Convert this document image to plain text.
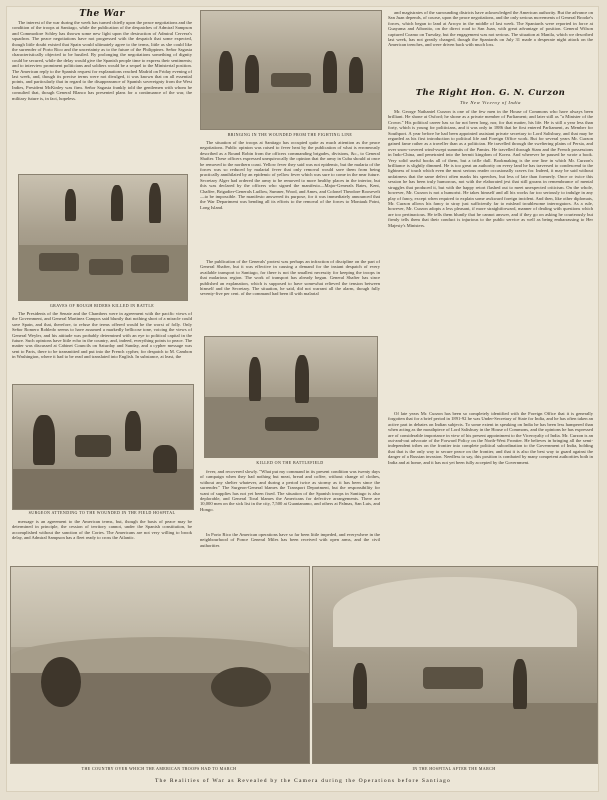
The War

The interest of the war during the week has turned chiefly upon the peace negotiations and the condition of the troops at Santiago, while the publication of the despatches of Admiral Sampson and Commodore Schley has thrown some new light upon the destruction of Admiral Cervera's squadron. The peace negotiations have not progressed with the despatch that some expected, though little doubt existed that Spain would ultimately agree to the terms, little as she could like the surrender of Porto Rico and the uncertainty as to the future of the Philippines. Señor Sagasta characteristically objected to be hustled. By prolonging the negotiations something of dignity could be secured, while the delay would give the Spanish people time to express their sentiments; and to interview prominent politicians and soldiers would be a sequel to the Ministerial position. The American reply to the Spanish request for explanations reached Madrid on Friday evening of last week, and, though its precise terms were not divulged, it was known that on all essential points, and particularly that in regard to the disappearance of Spanish sovereignty from the West Indies, President McKinley was firm. Señor Sagasta frankly told the gentlemen with whom he consulted that, though General Blanco has presented plans for a continuance of the war, the military future is, in fact, hopeless.

GRAVES OF ROUGH RIDERS KILLED IN BATTLE

The Presidents of the Senate and the Chambers were in agreement with the pacific views of the Government, and General Martinez Campos said bluntly that nothing short of a miracle could save Spain, and that, therefore, to refuse the terms offered would be the worst of folly. Only Señor Romero Robledo seems to have assumed a markedly bellicose tone, voicing the views of General Weyler, and his attitude was probably determined with an eye to political capital in the future. Such opinions have little echo in the country, and, indeed, everything points to peace. The matter was discussed at Cabinet Councils on Saturday and Sunday, and a cypher message was sent to Paris, there to be transmitted and put into the French cypher, for despatch to M. Cambon in Washington, where it had to be read and translated into English. In substance, at least, the

SURGEON ATTENDING TO THE WOUNDED IN THE FIELD HOSPITAL

message is an agreement to the American terms, but, though the basis of peace may be determined in principle, the cession of territory cannot, under the Spanish constitution, be accomplished without the sanction of the Cortes. The Americans are not very willing to brook delay, and Admiral Sampson has a fleet ready to cross the Atlantic.

BRINGING IN THE WOUNDED FROM THE FIGHTING LINE

The situation of the troops at Santiago has occupied quite as much attention as the peace negotiations. Public opinion was raised to fever heat by the publication of what is erroneously described as a Round Robin from the officers commanding brigades, divisions, &c., to General Shafter. These officers expressed unequivocally the opinion that the army in Cuba should at once be removed to the northern coast. Yellow fever they said was not epidemic, but the malaria of the forces was so reduced by malarial fever that only removal would save them from being practically annihilated by an epidemic of yellow fever which was sure to come in the near future. Secretary Alger had ordered the army to be removed to more healthy places in the interior, but this was declared by the officers who signed the manifesto—Major-Generals Bates, Kent, Chaffee, Brigadier-Generals Ludlow, Sumner, Wood, and Ames, and Colonel Theodore Roosevelt—to be impossible. The manifesto answered its purpose, for it was immediately announced that the War Department was bending all its efforts to the removal of the forces to Montauk Point, Long Island.

The publication of the Generals' protest was perhaps an infraction of discipline on the part of General Shafter, but it was effective in causing a demand for the instant despatch of every available transport to Santiago, for there is not the smallest necessity for keeping the troops in that malarious region. The work of transport has already begun. General Shafter has since published an explanation, which is supposed to have somewhat relieved the tension between himself and the Secretary. The situation, he said, did not warrant all the alarm, though fully seventy-five per cent. of the command had been ill with malarial

KILLED ON THE BATTLEFIELD

fever, and recovered slowly. "What put my command in its present condition was twenty days of campaign when they had nothing but meat, bread and coffee, without change of clothes, without any shelter whatever, and during a period twice as stormy as it has been since the surrender." The Surgeon-General blames the Transport Department, but the responsibility for want of supplies has not yet been fixed. The situation of the Spanish troops in Santiago is also deplorable, and General Toral blames the Americans for defective arrangements. There are 10,000 men on the sick list in the city, 7,500 at Guantanamo, and others at Palmas, San Luis, and Hongo.

In Porto Rico the American operations have so far been little impeded, and everywhere in the neighbourhood of Ponce General Miles has been received with open arms, and the civil authorities

and magistrates of the surrounding districts have acknowledged the American authority. But the advance on San Juan depends, of course, upon the peace negotiations, and the only serious movements of General Brooke's forces, which began to land at Arroyo in the middle of last week. The Spaniards were reported in force at Guayama and Aibonito, on the direct road to San Juan, with great advantage of position. General Wilson captured Coamo on Tuesday, but the engagement was not serious. The situation at Manila, which we described last week, has not greatly changed, though the Spaniards on July 31 made a desperate night attack on the American trenches, and were driven back with much loss.

The Right Hon. G. N. Curzon
The New Viceroy of India

Mr. George Nathaniel Curzon is one of the few men in the House of Commons who have always been brilliant. He shone at Oxford; he shone as a private member of Parliament; and later still as "a Minister of the Crown." His political career has so far not been long, nor, for that matter, his life. He is still a year less than forty, which is young for politicians, and it was only in 1886 that he first entered Parliament, as Member for Southport. A year before he had been appointed assistant private secretary to Lord Salisbury, and that may be regarded as his first introduction to political life and Foreign Office work. But for several years Mr. Curzon gained fame rather as a traveller than as a politician. He travelled through the sweltering plains of Persia, and over snow-covered wind-swept summits of the Pamirs. He travelled through Siam and the French possessions in Indo-China, and penetrated into the hermit kingdom of Korea. And wherever he paused he wrote a book. Very solid useful books all of them, but a trifle dull. Bookmaking is the one line in which Mr. Curzon's brilliance is slightly dimmed. He is too great an authority on every land he has traversed to condescend to the lightness of touch which even the most serious reader occasionally craves for. Indeed, it may be said without unfairness that the same defect often marks his speeches, but less of late than formerly. Once or twice this session he has been truly humorous, not with the elaborated jest that still groans in remembrance of mental struggles that produced it, but with the happy retort flashed out to meet unexpected criticism. On the whole, however, Mr. Curzon is not a humorist. He takes himself and all his works far too seriously to indulge in any play of fancy, except when required to explain some awkward foreign incident. And then, like other diplomats, Mr. Curzon allows his fancy to stray just sufficiently far to mislead troublesome interrogators. As a rule, however, Mr. Curzon adopts a less pleasant, if more straightforward, manner of dealing with questions which are too pertinacious. He tells them bluntly that he cannot answer, and if they go on asking he courteously but firmly tells them that their conduct is injurious to the public service as well as being embarrassing to Her Majesty's Ministers.

Of late years Mr. Curzon has been so completely identified with the Foreign Office that it is generally forgotten that for a brief period in 1891-92 he was Under-Secretary of State for India, and he has often taken an active part in debates on Indian subjects. To some extent in speaking on India he has been less hampered than when acting as the mouthpiece of Lord Salisbury in the House of Commons, and the opinions he has expressed are of considerable importance in view of his present appointment to the Viceroyalty of India. Mr. Curzon is an out-and-out advocate of the Forward Policy on the North-West Frontier. He believes in bringing all the semi-independent tribes on the frontier into complete political subordination to the Government of India, holding that that is the only way to secure peace on the frontier, and that it is also the best way to guard against the danger of a Russian invasion. Needless to say, this position is combated by many competent authorities both in India and at home, and it has not yet been fully accepted by the Government.

THE COUNTRY OVER WHICH THE AMERICAN TROOPS HAD TO MARCH	IN THE HOSPITAL AFTER THE MARCH
The Realities of War as Revealed by the Camera during the Operations before Santiago
